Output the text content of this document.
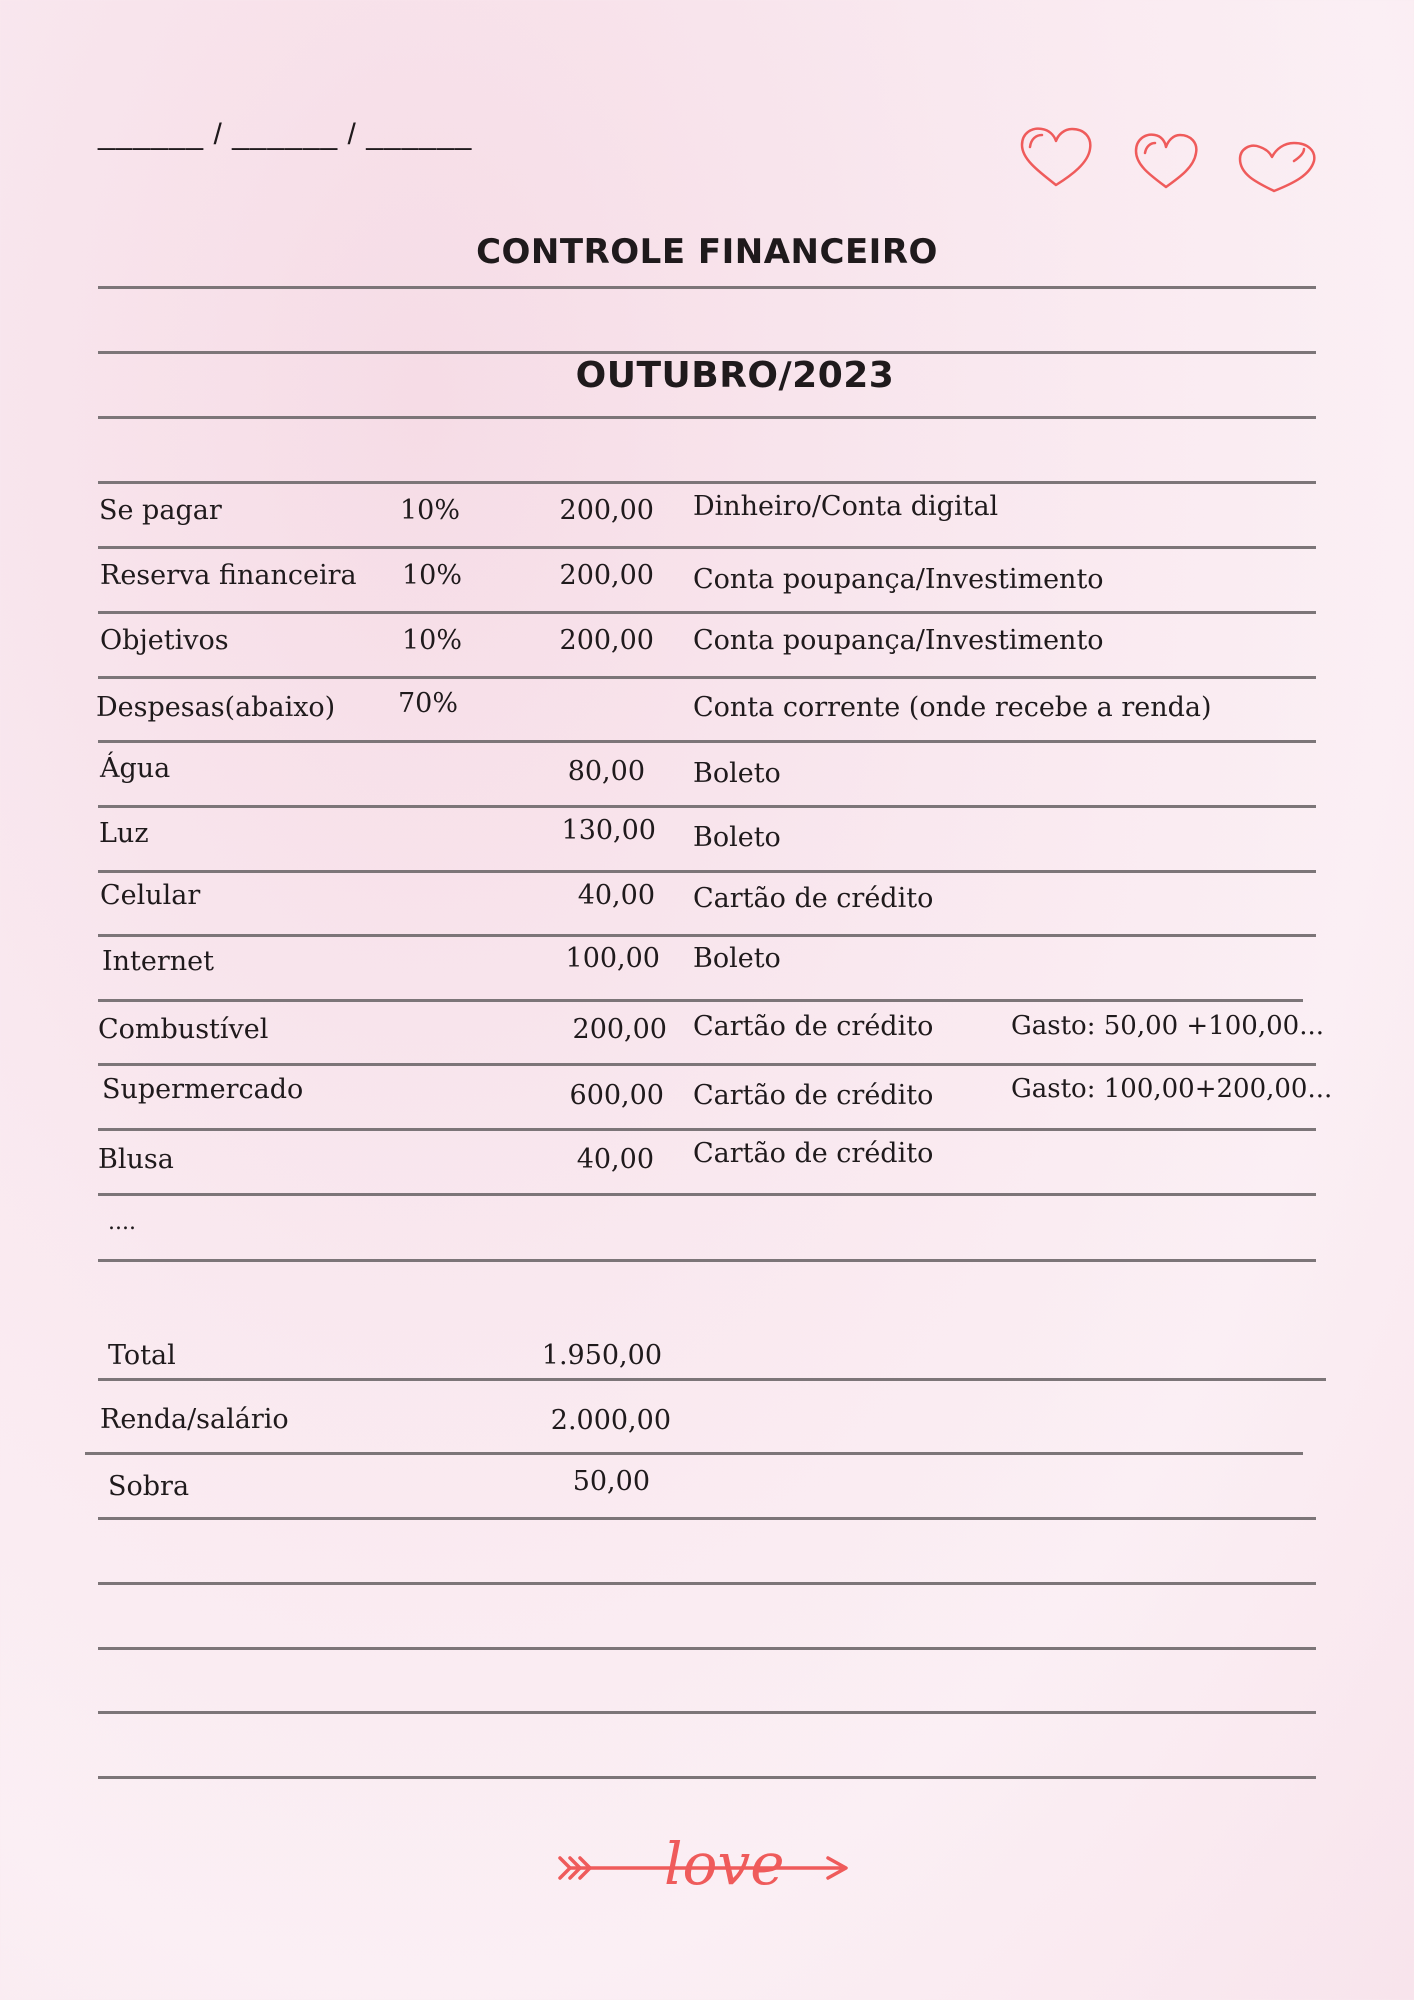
______ / ______ / ______
CONTROLE FINANCEIRO
OUTUBRO/2023
Se pagar	10%	200,00 Dinheiro/Conta digital
Reserva financeira 10%	200,00 Conta poupança/Investimento
Objetivos	10%	200,00 Conta poupança/Investimento
Despesas(abaixo) 70%	Conta corrente (onde recebe a renda)
Água	80,00 Boleto
Luz	130,00 Boleto
Celular	40,00 Cartão de crédito
Internet	100,00 Boleto
Combustível	200,00 Cartão de crédito	Gasto: 50,00 +100,00...
Supermercado	600,00 Cartão de crédito	Gasto: 100,00+200,00...
Blusa	40,00 Cartão de crédito
....
Total	1.950,00
Renda/salário	2.000,00
Sobra	50,00
love
